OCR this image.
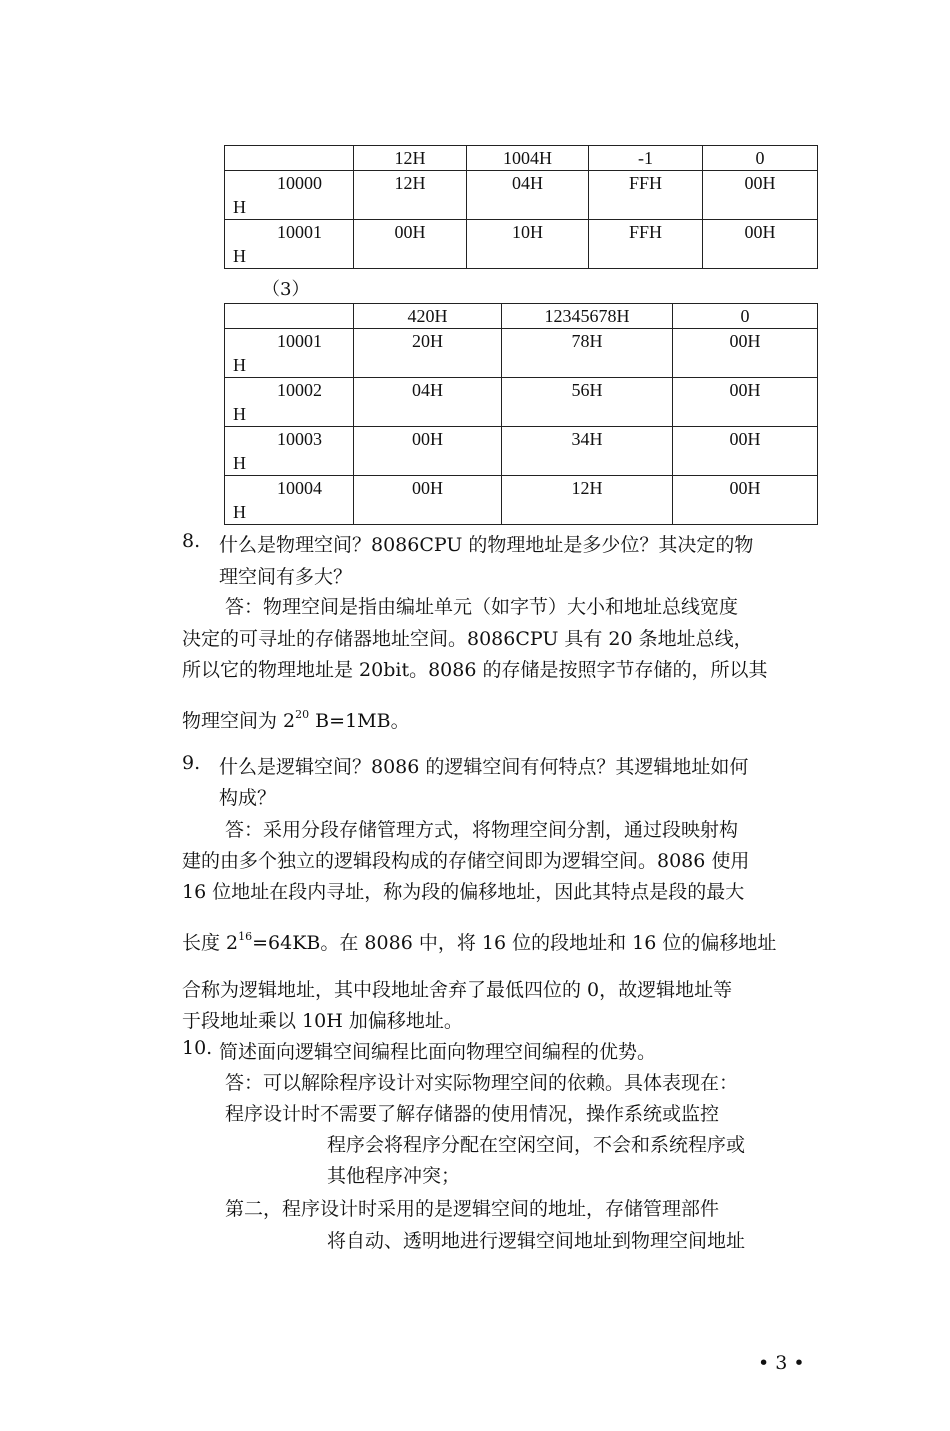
	12H	1004H	-1	0

10000
H	12H	04H	FFH	00H

10001
H	00H	10H	FFH	00H
（3）
	420H	12345678H	0

10001
H	20H	78H	00H

10002
H	04H	56H	00H

10003
H	00H	34H	00H

10004
H	00H	12H	00H
8. 什么是物理空间？8086CPU 的物理地址是多少位？其决定的物
理空间有多大？
答：物理空间是指由编址单元（如字节）大小和地址总线宽度
决定的可寻址的存储器地址空间。8086CPU 具有 20 条地址总线，
所以它的物理地址是 20bit。8086 的存储是按照字节存储的，所以其
物理空间为 $2^{20}$ B=1MB。
9. 什么是逻辑空间？8086 的逻辑空间有何特点？其逻辑地址如何
构成？
答：采用分段存储管理方式，将物理空间分割，通过段映射构
建的由多个独立的逻辑段构成的存储空间即为逻辑空间。8086 使用
16 位地址在段内寻址，称为段的偏移地址，因此其特点是段的最大
长度 $2^{16}=64KB$。在 8086 中，将 16 位的段地址和 16 位的偏移地址
合称为逻辑地址，其中段地址舍弃了最低四位的 0，故逻辑地址等
于段地址乘以 10H 加偏移地址。
10. 简述面向逻辑空间编程比面向物理空间编程的优势。
答：可以解除程序设计对实际物理空间的依赖。具体表现在：
程序设计时不需要了解存储器的使用情况，操作系统或监控
程序会将程序分配在空闲空间，不会和系统程序或
其他程序冲突；
第二，程序设计时采用的是逻辑空间的地址，存储管理部件
将自动、透明地进行逻辑空间地址到物理空间地址
• 3 •
